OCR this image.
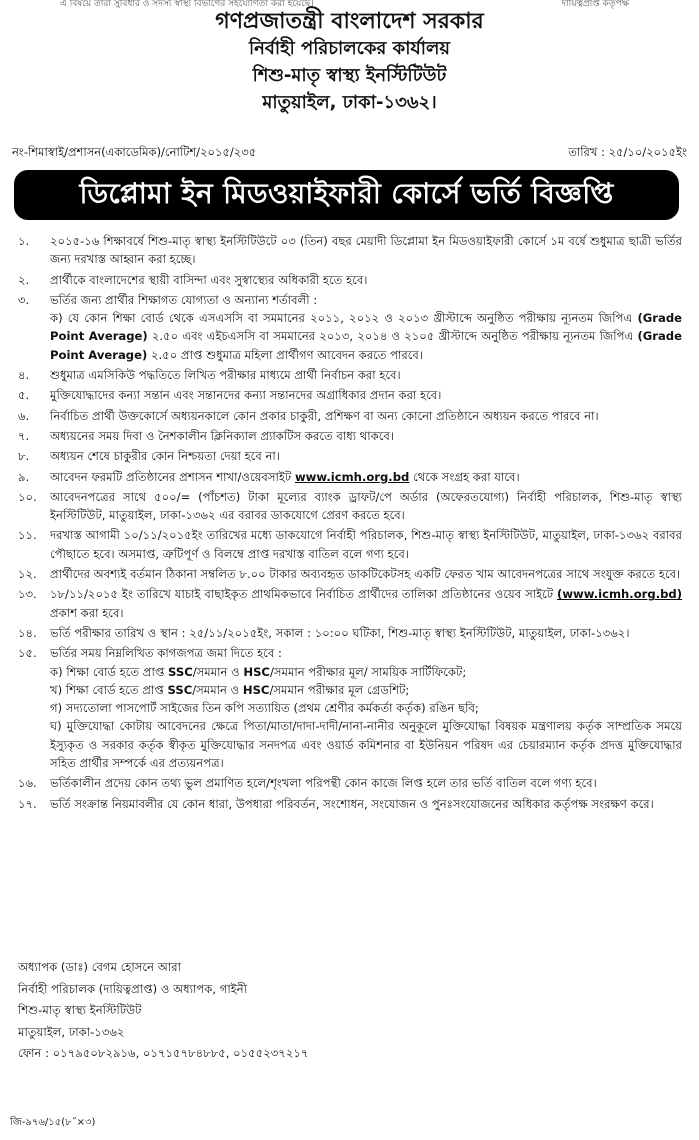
এ বিষয়ে তারা সুবিধার ও সদস্য স্বাস্থ্য বিভাগের সহযোগিতা করা হয়েছে।	দায়িত্বপ্রাপ্ত কর্তৃপক্ষ
গণপ্রজাতন্ত্রী বাংলাদেশ সরকার
নির্বাহী পরিচালকের কার্যালয়
শিশু-মাতৃ স্বাস্থ্য ইনস্টিটিউট
মাতুয়াইল, ঢাকা-১৩৬২।
নং-শিমাস্বাই/প্রশাসন(একাডেমিক)/নোটিশ/২০১৫/২৩৫	তারিখ : ২৫/১০/২০১৫ইং
ডিপ্লোমা ইন মিডওয়াইফারী কোর্সে ভর্তি বিজ্ঞপ্তি
১.	২০১৫-১৬ শিক্ষাবর্ষে শিশু-মাতৃ স্বাস্থ্য ইনস্টিটিউটে ০৩ (তিন) বছর মেয়াদী ডিপ্লোমা ইন মিডওয়াইফারী কোর্সে ১ম বর্ষে শুধুমাত্র ছাত্রী ভর্তির জন্য দরখাস্ত আহ্বান করা হচ্ছে।
২.	প্রার্থীকে বাংলাদেশের স্থায়ী বাসিন্দা এবং সুস্বাস্থ্যের অধিকারী হতে হবে।
৩.	ভর্তির জন্য প্রার্থীর শিক্ষাগত যোগ্যতা ও অন্যান্য শর্তাবলী :
ক) যে কোন শিক্ষা বোর্ড থেকে এসএসসি বা সমমানের ২০১১, ২০১২ ও ২০১৩ খ্রীস্টাব্দে অনুষ্ঠিত পরীক্ষায় ন্যূনতম জিপিএ (Grade Point Average) ২.৫০ এবং এইচএসসি বা সমমানের ২০১৩, ২০১৪ ও ২১০৫ খ্রীস্টাব্দে অনুষ্ঠিত পরীক্ষায় ন্যূনতম জিপিএ (Grade Point Average) ২.৫০ প্রাপ্ত শুধুমাত্র মহিলা প্রার্থীগণ আবেদন করতে পারবে।
৪.	শুধুমাত্র এমসিকিউ পদ্ধতিতে লিখিত পরীক্ষার মাধ্যমে প্রার্থী নির্বাচন করা হবে।
৫.	মুক্তিযোদ্ধাদের কন্যা সন্তান এবং সন্তানদের কন্যা সন্তানদের অগ্রাধিকার প্রদান করা হবে।
৬.	নির্বাচিত প্রার্থী উক্তকোর্সে অধ্যয়নকালে কোন প্রকার চাকুরী, প্রশিক্ষণ বা অন্য কোনো প্রতিষ্ঠানে অধ্যয়ন করতে পারবে না।
৭.	অধ্যয়নের সময় দিবা ও নৈশকালীন ক্লিনিক্যাল প্র্যাকটিস করতে বাধ্য থাকবে।
৮.	অধ্যয়ন শেষে চাকুরীর কোন নিশ্চয়তা দেয়া হবে না।
৯.	আবেদন ফরমটি প্রতিষ্ঠানের প্রশাসন শাখা/ওয়েবসাইট www.icmh.org.bd থেকে সংগ্রহ করা যাবে।
১০.	আবেদনপত্রের সাথে ৫০০/= (পাঁচশত) টাকা মূল্যের ব্যাংক ড্রাফট/পে অর্ডার (অফেরতযোগ্য) নির্বাহী পরিচালক, শিশু-মাতৃ স্বাস্থ্য ইনস্টিটিউট, মাতুয়াইল, ঢাকা-১৩৬২ এর বরাবর ডাকযোগে প্রেরণ করতে হবে।
১১.	দরখাস্ত আগামী ১০/১১/২০১৫ইং তারিখের মধ্যে ডাকযোগে নির্বাহী পরিচালক, শিশু-মাতৃ স্বাস্থ্য ইনস্টিটিউট, মাতুয়াইল, ঢাকা-১৩৬২ বরাবর পৌছাতে হবে। অসমাপ্ত, ত্রুটিপূর্ণ ও বিলম্বে প্রাপ্ত দরখাস্ত বাতিল বলে গণ্য হবে।
১২.	প্রার্থীদের অবশ্যই বর্তমান ঠিকানা সম্বলিত ৮.০০ টাকার অব্যবহৃত ডাকটিকেটসহ একটি ফেরত খাম আবেদনপত্রের সাথে সংযুক্ত করতে হবে।
১৩.	১৮/১১/২০১৫ ইং তারিখে যাচাই বাছাইকৃত প্রাথমিকভাবে নির্বাচিত প্রার্থীদের তালিকা প্রতিষ্ঠানের ওয়েব সাইটে (www.icmh.org.bd) প্রকাশ করা হবে।
১৪.	ভর্তি পরীক্ষার তারিখ ও স্থান : ২৫/১১/২০১৫ইং, সকাল : ১০:০০ ঘটিকা, শিশু-মাতৃ স্বাস্থ্য ইনস্টিটিউট, মাতুয়াইল, ঢাকা-১৩৬২।
১৫.	ভর্তির সময় নিম্নলিখিত কাগজপত্র জমা দিতে হবে :
ক) শিক্ষা বোর্ড হতে প্রাপ্ত SSC/সমমান ও HSC/সমমান পরীক্ষার মূল/ সাময়িক সার্টিফিকেট;
খ) শিক্ষা বোর্ড হতে প্রাপ্ত SSC/সমমান ও HSC/সমমান পরীক্ষার মূল গ্রেডশিট;
গ) সদ্যতোলা পাসপোর্ট সাইজের তিন কপি সত্যায়িত (প্রথম শ্রেণীর কর্মকর্তা কর্তৃক) রঙিন ছবি;
ঘ) মুক্তিযোদ্ধা কোটায় আবেদনের ক্ষেত্রে পিতা/মাতা/দাদা-দাদী/নানা-নানীর অনুকূলে মুক্তিযোদ্ধা বিষয়ক মন্ত্রণালয় কর্তৃক সাম্প্রতিক সময়ে ইস্যুকৃত ও সরকার কর্তৃক স্বীকৃত মুক্তিযোদ্ধার সনদপত্র এবং ওয়ার্ড কমিশনার বা ইউনিয়ন পরিষদ এর চেয়ারম্যান কর্তৃক প্রদত্ত মুক্তিযোদ্ধার সহিত প্রার্থীর সম্পর্কে এর প্রত্যয়নপত্র।
১৬.	ভর্তিকালীন প্রদেয় কোন তথ্য ভুল প্রমাণিত হলে/শৃংখলা পরিপন্থী কোন কাজে লিপ্ত হলে তার ভর্তি বাতিল বলে গণ্য হবে।
১৭.	ভর্তি সংক্রান্ত নিয়মাবলীর যে কোন ধারা, উপধারা পরিবর্তন, সংশোধন, সংযোজন ও পুনঃসংযোজনের অধিকার কর্তৃপক্ষ সংরক্ষণ করে।
অধ্যাপক (ডাঃ) বেগম হোসনে আরা
নির্বাহী পরিচালক (দায়িত্বপ্রাপ্ত) ও অধ্যাপক, গাইনী
শিশু-মাতৃ স্বাস্থ্য ইনস্টিটিউট
মাতুয়াইল, ঢাকা-১৩৬২
ফোন : ০১৭৯৫০৮২৯১৬, ০১৭১৫৭৮৪৮৮৫, ০১৫৫২৩৭২১৭
জি-৯৭৬/১৫(৮˝×৩)
